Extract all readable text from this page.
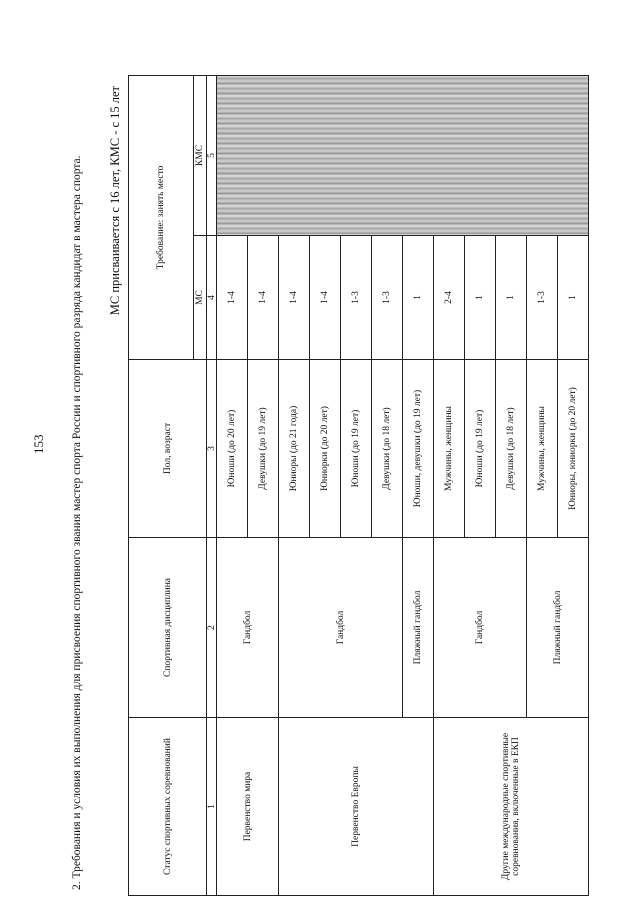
153 2. Требования и условия их выполнения для присвоения спортивного звания мастер спорта России и спортивного разряда кандидат в мастера спорта. МС присваивается с 16 лет, КМС - с 15 лет
Статус спортивных соревнований	Спортивная дисциплина	Пол, возраст	Требование: занять место	
			МС	КМС
1	2	3	4	5
Первенство мира	Гандбол	Юноши (до 20 лет)	1-4	
		Девушки (до 19 лет)	1-4	
Первенство Европы	Гандбол	Юниоры (до 21 года)	1-4	
		Юниорки (до 20 лет)	1-4	
		Юноши (до 19 лет)	1-3	
		Девушки (до 18 лет)	1-3	
	Пляжный гандбол	Юноши, девушки (до 19 лет)	1	
Другие международные спортивные соревнования, включенные в ЕКП	Гандбол	Мужчины, женщины	2-4	
		Юноши (до 19 лет)	1	
		Девушки (до 18 лет)	1	
	Пляжный гандбол	Мужчины, женщины	1-3	
		Юниоры, юниорки (до 20 лет)	1	
